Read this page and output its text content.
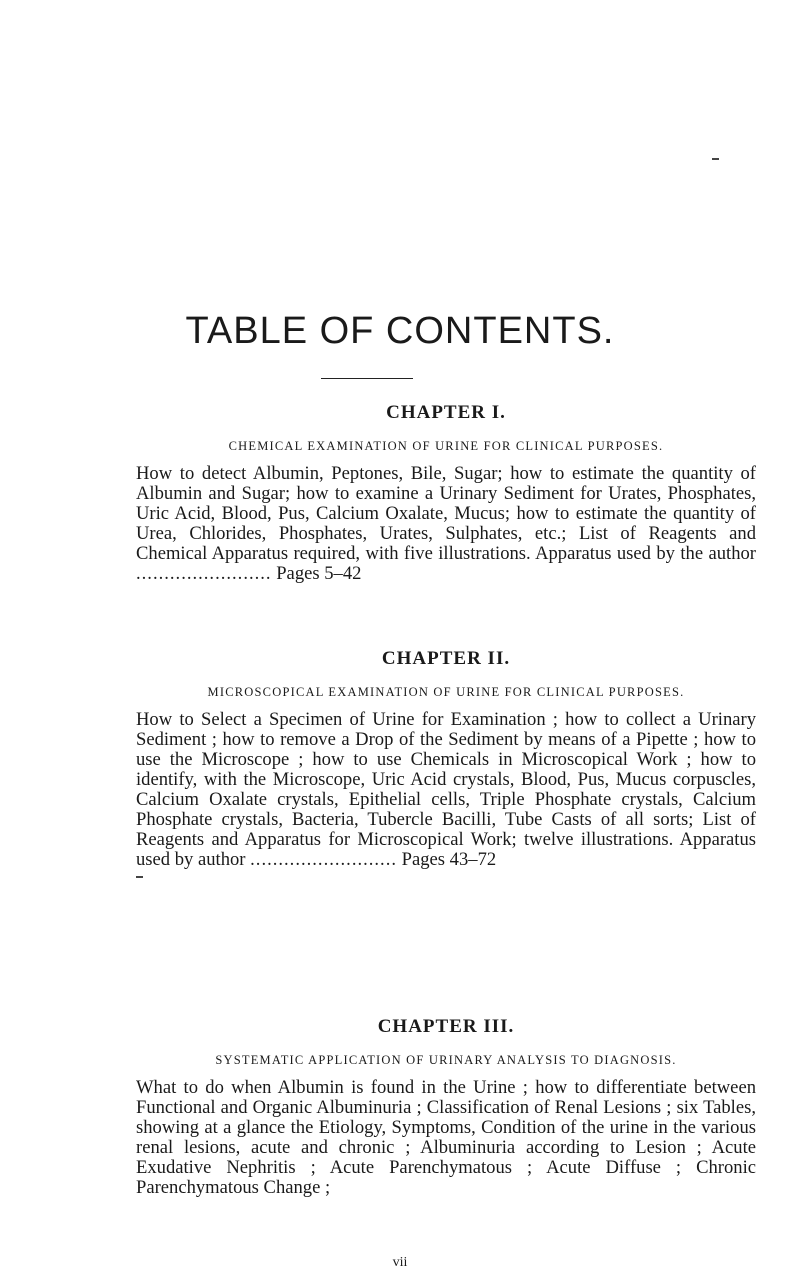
TABLE OF CONTENTS.
CHAPTER I.
CHEMICAL EXAMINATION OF URINE FOR CLINICAL PURPOSES.

How to detect Albumin, Peptones, Bile, Sugar; how to estimate the quantity of Albumin and Sugar; how to examine a Urinary Sediment for Urates, Phosphates, Uric Acid, Blood, Pus, Calcium Oxalate, Mucus; how to estimate the quantity of Urea, Chlorides, Phosphates, Urates, Sulphates, etc.; List of Reagents and Chemical Apparatus required, with five illustrations. Apparatus used by the author ........................ Pages 5–42

CHAPTER II.
MICROSCOPICAL EXAMINATION OF URINE FOR CLINICAL PURPOSES.

How to Select a Specimen of Urine for Examination ; how to collect a Urinary Sediment ; how to remove a Drop of the Sediment by means of a Pipette ; how to use the Microscope ; how to use Chemicals in Microscopical Work ; how to identify, with the Microscope, Uric Acid crystals, Blood, Pus, Mucus corpuscles, Calcium Oxalate crystals, Epithelial cells, Triple Phosphate crystals, Calcium Phosphate crystals, Bacteria, Tubercle Bacilli, Tube Casts of all sorts; List of Reagents and Apparatus for Microscopical Work; twelve illustrations. Apparatus used by author .......................... Pages 43–72

CHAPTER III.
SYSTEMATIC APPLICATION OF URINARY ANALYSIS TO DIAGNOSIS.

What to do when Albumin is found in the Urine ; how to differentiate between Functional and Organic Albuminuria ; Classification of Renal Lesions ; six Tables, showing at a glance the Etiology, Symptoms, Condition of the urine in the various renal lesions, acute and chronic ; Albuminuria according to Lesion ; Acute Exudative Nephritis ; Acute Parenchymatous ; Acute Diffuse ; Chronic Parenchymatous Change ;

vii
